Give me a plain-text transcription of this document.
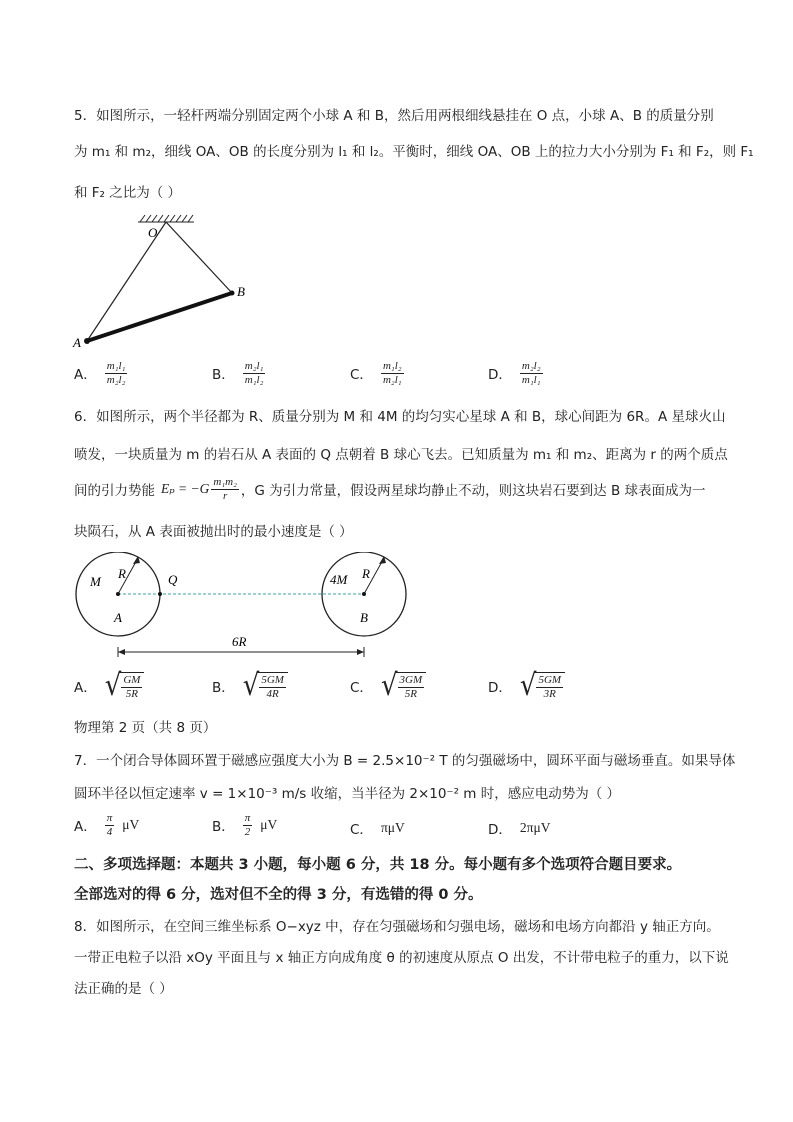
5．如图所示，一轻杆两端分别固定两个小球 A 和 B，然后用两根细线悬挂在 O 点，小球 A、B 的质量分别
为 m₁ 和 m₂，细线 OA、OB 的长度分别为 l₁ 和 l₂。平衡时，细线 OA、OB 上的拉力大小分别为 F₁ 和 F₂，则 F₁
和 F₂ 之比为（ ）
O
B
A
A． $\frac{\text{m₁l₁}}{\text{m₂l₂}}$	B． $\frac{\text{m₂l₁}}{\text{m₁l₂}}$	C． $\frac{\text{m₁l₂}}{\text{m₂l₁}}$	D． $\frac{\text{m₂l₂}}{\text{m₁l₁}}$
6．如图所示，两个半径都为 R、质量分别为 M 和 4M 的均匀实心星球 A 和 B，球心间距为 6R。A 星球火山
喷发，一块质量为 m 的岩石从 A 表面的 Q 点朝着 B 球心飞去。已知质量为 m₁ 和 m₂、距离为 r 的两个质点
间的引力势能 $E_p = -G \frac{\text{m₁m₂}}{r}$ ，G 为引力常量，假设两星球均静止不动，则这块岩石要到达 B 球表面成为一
块陨石，从 A 表面被抛出时的最小速度是（ ）
M
R	Q
A
4M R
B
6R
A． √ $\frac{GM}{5R}$	B． √ $\frac{5GM}{4R}$	C． √ $\frac{3GM}{5R}$	D． √ $\frac{5GM}{3R}$
物理第 2 页（共 8 页）
7．一个闭合导体圆环置于磁感应强度大小为 B = 2.5×10⁻² T 的匀强磁场中，圆环平面与磁场垂直。如果导体
圆环半径以恒定速率 v = 1×10⁻³ m/s 收缩，当半径为 2×10⁻² m 时，感应电动势为（ ）
A． $\frac{\pi}{4}$ μV	B． $\frac{\pi}{2}$ μV	C． πμV	D． 2πμV
二、多项选择题：本题共 3 小题，每小题 6 分，共 18 分。每小题有多个选项符合题目要求。
全部选对的得 6 分，选对但不全的得 3 分，有选错的得 0 分。
8．如图所示，在空间三维坐标系 O−xyz 中，存在匀强磁场和匀强电场，磁场和电场方向都沿 y 轴正方向。
一带正电粒子以沿 xOy 平面且与 x 轴正方向成角度 θ 的初速度从原点 O 出发，不计带电粒子的重力，以下说
法正确的是（ ）
